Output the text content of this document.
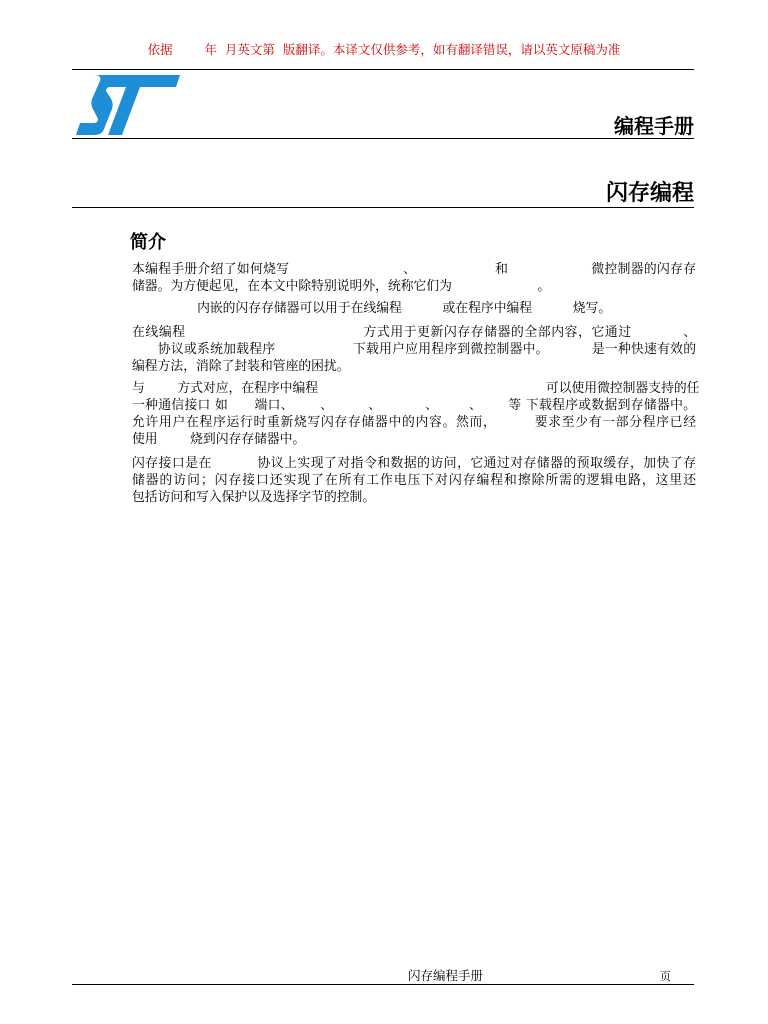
依据        年  月英文第  版翻译。本译文仅供参考，如有翻译错误，请以英文原稿为准
编程手册
闪存编程
简介
本编程手册介绍了如何烧写                          、                  和                   微控制器的闪存存
储器。为方便起见，在本文中除特别说明外，统称它们为                     。
内嵌的闪存存储器可以用于在线编程          或在程序中编程          烧写。
在线编程                                      方式用于更新闪存存储器的全部内容，它通过           、
协议或系统加载程序                  下载用户应用程序到微控制器中。          是一种快速有效的
编程方法，消除了封装和管座的困扰。
与        方式对应，在程序中编程                                                        可以使用微控制器支持的任
一种通信接口 如      端口、      、        、          、       、      等 下载程序或数据到存储器中。
允许用户在程序运行时重新烧写闪存存储器中的内容。然而，        要求至少有一部分程序已经
使用        烧到闪存存储器中。
闪存接口是在          协议上实现了对指令和数据的访问，它通过对存储器的预取缓存，加快了存
储器的访问；闪存接口还实现了在所有工作电压下对闪存编程和擦除所需的逻辑电路，这里还
包括访问和写入保护以及选择字节的控制。
闪存编程手册	页
